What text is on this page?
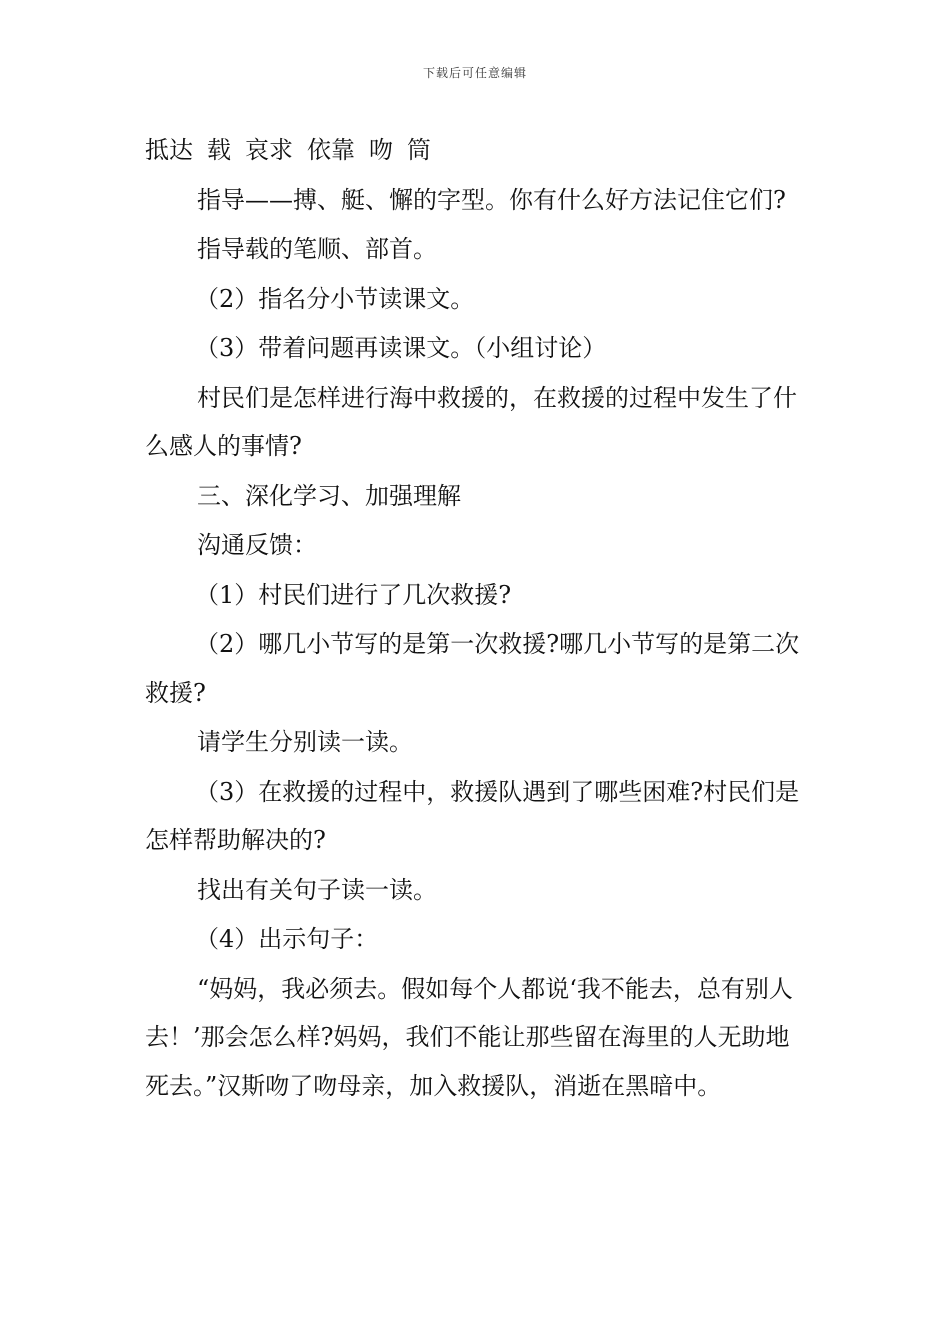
下载后可任意编辑
抵达 载 哀求 依靠 吻 筒

指导——搏、艇、懈的字型。你有什么好方法记住它们?

指导载的笔顺、部首。

（2）指名分小节读课文。

（3）带着问题再读课文。（小组讨论）

村民们是怎样进行海中救援的，在救援的过程中发生了什么感人的事情?

三、深化学习、加强理解

沟通反馈：

（1）村民们进行了几次救援?

（2）哪几小节写的是第一次救援?哪几小节写的是第二次救援?

请学生分别读一读。

（3）在救援的过程中，救援队遇到了哪些困难?村民们是怎样帮助解决的?

找出有关句子读一读。

（4）出示句子：

“妈妈，我必须去。假如每个人都说‘我不能去，总有别人去！’那会怎么样?妈妈，我们不能让那些留在海里的人无助地死去。”汉斯吻了吻母亲，加入救援队，消逝在黑暗中。
